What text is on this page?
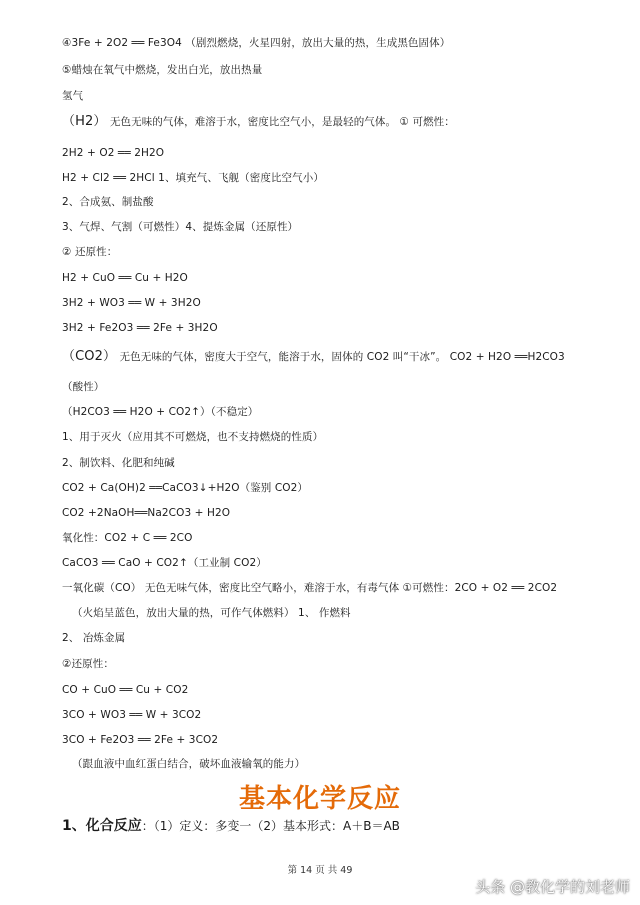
④3Fe + 2O2 ══ Fe3O4 （剧烈燃烧，火星四射，放出大量的热，生成黑色固体）
⑤蜡烛在氧气中燃烧，发出白光，放出热量
氢气
（H2） 无色无味的气体，难溶于水，密度比空气小，是最轻的气体。 ① 可燃性：
2H2 + O2 ══ 2H2O
H2 + Cl2 ══ 2HCl 1、填充气、飞舰（密度比空气小）
2、合成氨、制盐酸
3、气焊、气割（可燃性）4、提炼金属（还原性）
② 还原性：
H2 + CuO ══ Cu + H2O
3H2 + WO3 ══ W + 3H2O
3H2 + Fe2O3 ══ 2Fe + 3H2O
（CO2） 无色无味的气体，密度大于空气，能溶于水，固体的 CO2 叫“干冰”。 CO2 + H2O ══H2CO3
（酸性）
（H2CO3 ══ H2O + CO2↑）（不稳定）
1、用于灭火（应用其不可燃烧，也不支持燃烧的性质）
2、制饮料、化肥和纯碱
CO2 + Ca(OH)2 ══CaCO3↓+H2O（鉴别 CO2）
CO2 +2NaOH══Na2CO3 + H2O
氧化性：CO2 + C ══ 2CO
CaCO3 ══ CaO + CO2↑（工业制 CO2）
一氧化碳（CO） 无色无味气体，密度比空气略小，难溶于水，有毒气体 ①可燃性：2CO + O2 ══ 2CO2
（火焰呈蓝色，放出大量的热，可作气体燃料） 1、 作燃料
2、 冶炼金属
②还原性：
CO + CuO ══ Cu + CO2
3CO + WO3 ══ W + 3CO2
3CO + Fe2O3 ══ 2Fe + 3CO2
（跟血液中血红蛋白结合，破坏血液输氧的能力）
基本化学反应
1、化合反应：（1）定义：多变一（2）基本形式：A＋B＝AB
第 14 页 共 49
头条 @教化学的刘老师
